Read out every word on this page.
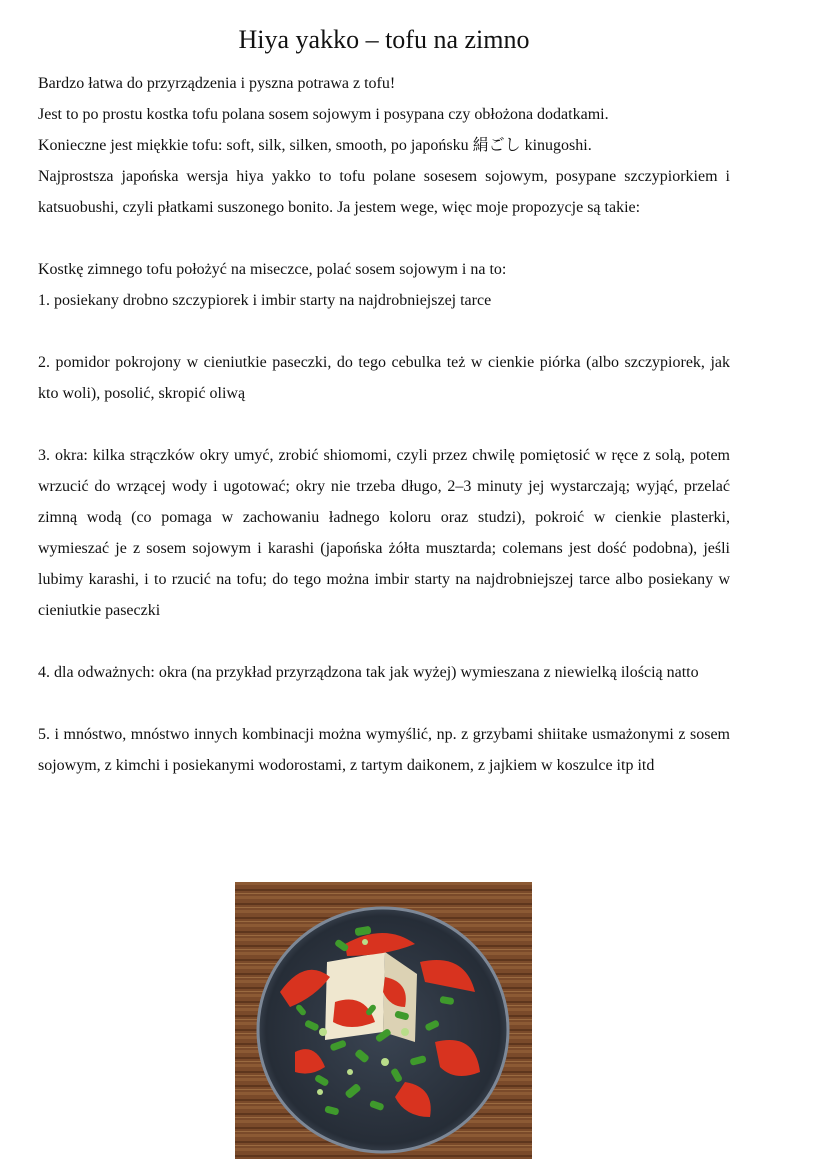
Hiya yakko – tofu na zimno

Bardzo łatwa do przyrządzenia i pyszna potrawa z tofu!

Jest to po prostu kostka tofu polana sosem sojowym i posypana czy obłożona dodatkami.

Konieczne jest miękkie tofu: soft, silk, silken, smooth, po japońsku 絹ごし kinugoshi.

Najprostsza japońska wersja hiya yakko to tofu polane sosesem sojowym, posypane szczypiorkiem i katsuobushi, czyli płatkami suszonego bonito. Ja jestem wege, więc moje propozycje są takie:

Kostkę zimnego tofu położyć na miseczce, polać sosem sojowym i na to:

1. posiekany drobno szczypiorek i imbir starty na najdrobniejszej tarce

2. pomidor pokrojony w cieniutkie paseczki, do tego cebulka też w cienkie piórka (albo szczypiorek, jak kto woli), posolić, skropić oliwą

3. okra: kilka strączków okry umyć, zrobić shiomomi, czyli przez chwilę pomiętosić w ręce z solą, potem wrzucić do wrzącej wody i ugotować; okry nie trzeba długo, 2–3 minuty jej wystarczają; wyjąć, przelać zimną wodą (co pomaga w zachowaniu ładnego koloru oraz studzi), pokroić w cienkie plasterki, wymieszać je z sosem sojowym i karashi (japońska żółta musztarda; colemans jest dość podobna), jeśli lubimy karashi, i to rzucić na tofu; do tego można imbir starty na najdrobniejszej tarce albo posiekany w cieniutkie paseczki

4. dla odważnych: okra (na przykład przyrządzona tak jak wyżej) wymieszana z niewielką ilością natto

5. i mnóstwo, mnóstwo innych kombinacji można wymyślić, np. z grzybami shiitake usmażonymi z sosem sojowym, z kimchi i posiekanymi wodorostami, z tartym daikonem, z jajkiem w koszulce itp itd
